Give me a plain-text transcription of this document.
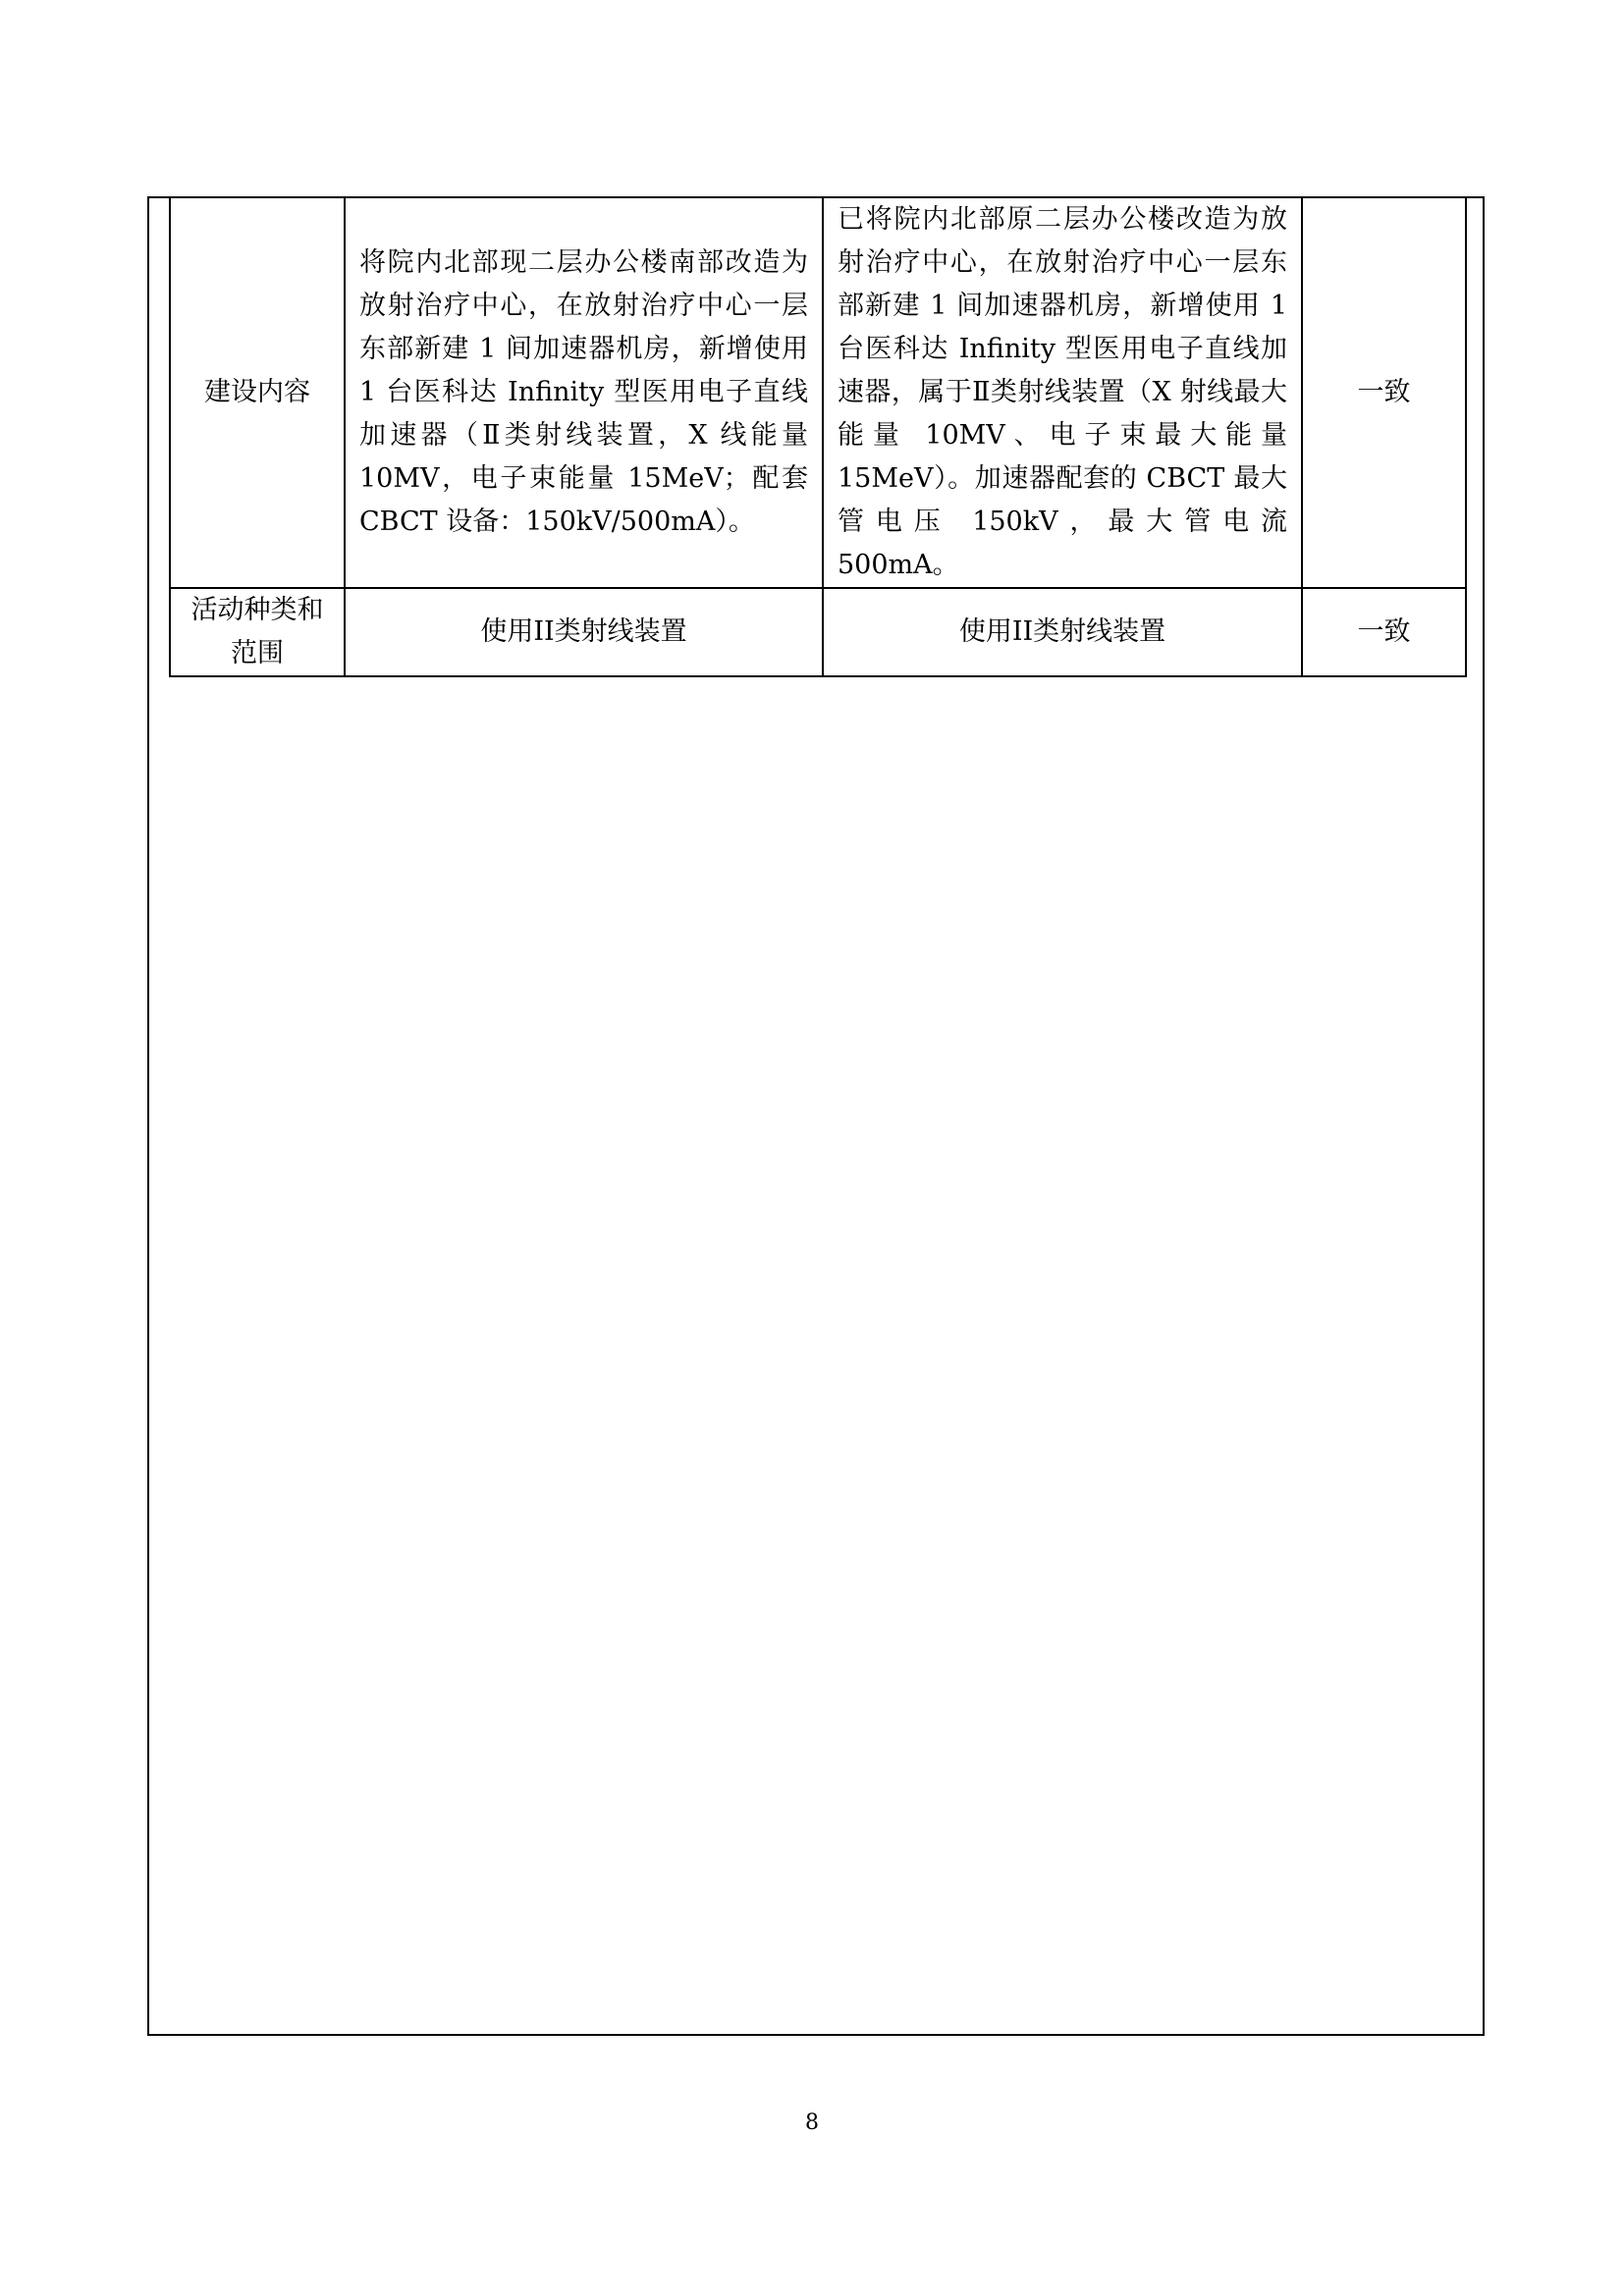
建设内容	将院内北部现二层办公楼南部改造为放射治疗中心，在放射治疗中心一层东部新建 1 间加速器机房，新增使用 1 台医科达 Infinity 型医用电子直线加速器（Ⅱ类射线装置，X 线能量 10MV，电子束能量 15MeV；配套 CBCT 设备：150kV/500mA）。	已将院内北部原二层办公楼改造为放射治疗中心，在放射治疗中心一层东部新建 1 间加速器机房，新增使用 1 台医科达 Infinity 型医用电子直线加速器，属于Ⅱ类射线装置（X 射线最大能量 10MV、电子束最大能量 15MeV）。加速器配套的 CBCT 最大管电压 150kV，最大管电流 500mA。	一致

活动种类和
范围	使用II类射线装置	使用II类射线装置	一致
8
